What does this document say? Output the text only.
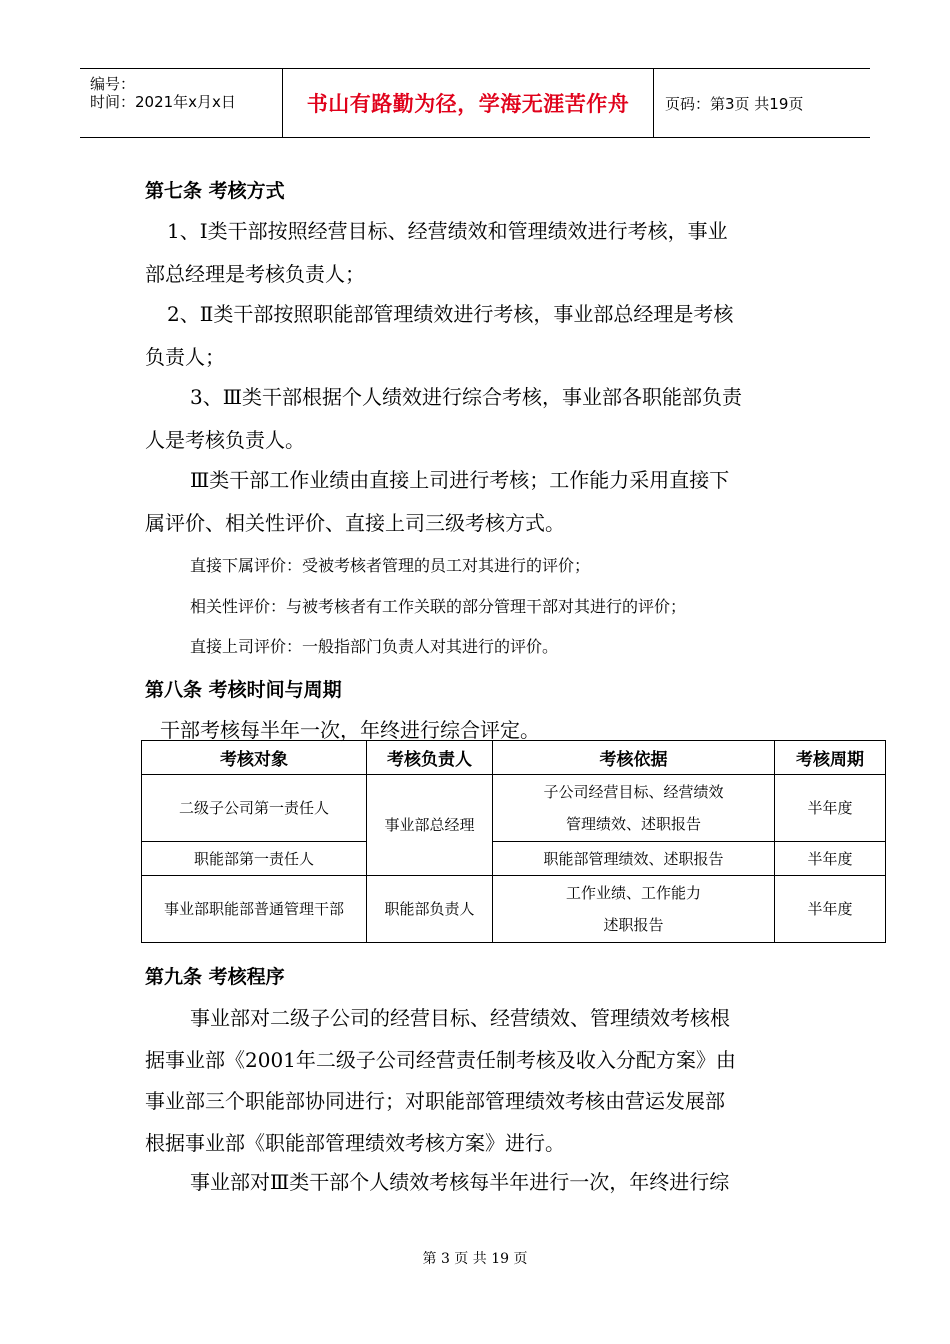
编号：
时间：2021年x月x日	书山有路勤为径，学海无涯苦作舟	页码：第3页 共19页
第七条 考核方式
1、Ⅰ类干部按照经营目标、经营绩效和管理绩效进行考核，事业
部总经理是考核负责人；
2、Ⅱ类干部按照职能部管理绩效进行考核，事业部总经理是考核
负责人；
3、Ⅲ类干部根据个人绩效进行综合考核，事业部各职能部负责
人是考核负责人。
Ⅲ类干部工作业绩由直接上司进行考核；工作能力采用直接下
属评价、相关性评价、直接上司三级考核方式。
直接下属评价：受被考核者管理的员工对其进行的评价；
相关性评价：与被考核者有工作关联的部分管理干部对其进行的评价；
直接上司评价：一般指部门负责人对其进行的评价。
第八条 考核时间与周期
干部考核每半年一次，年终进行综合评定。
考核对象	考核负责人	考核依据	考核周期
二级子公司第一责任人	事业部总经理	子公司经营目标、经营绩效
管理绩效、述职报告	半年度
职能部第一责任人		职能部管理绩效、述职报告	半年度
事业部职能部普通管理干部	职能部负责人	工作业绩、工作能力
述职报告	半年度
第九条 考核程序
事业部对二级子公司的经营目标、经营绩效、管理绩效考核根
据事业部《2001年二级子公司经营责任制考核及收入分配方案》由
事业部三个职能部协同进行；对职能部管理绩效考核由营运发展部
根据事业部《职能部管理绩效考核方案》进行。
事业部对Ⅲ类干部个人绩效考核每半年进行一次，年终进行综
第 3 页 共 19 页
